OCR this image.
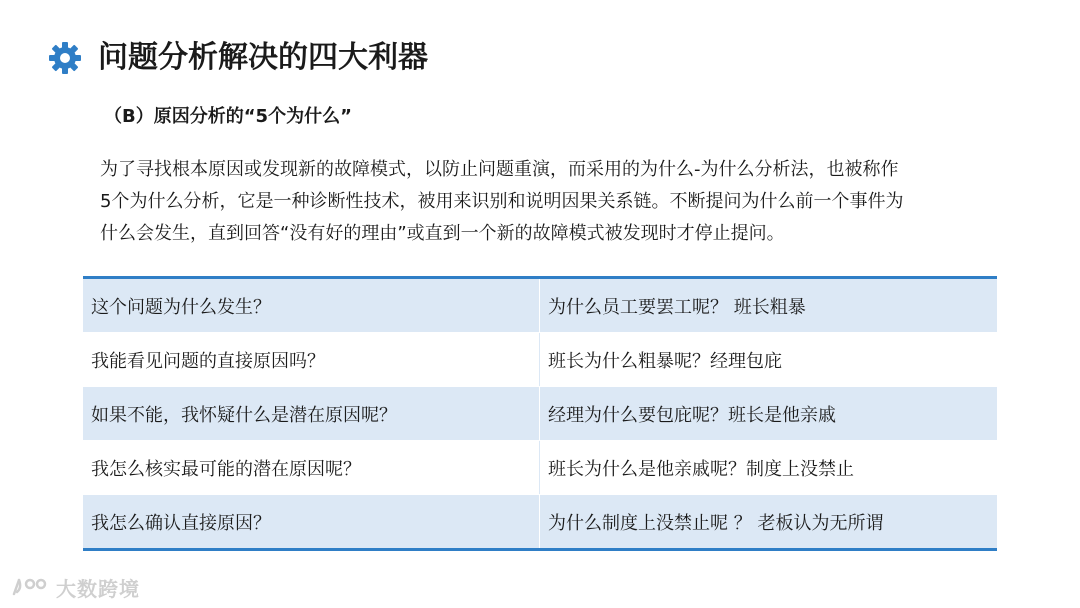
问题分析解决的四大利器
（B）原因分析的“5个为什么”

为了寻找根本原因或发现新的故障模式，以防止问题重演，而采用的为什么-为什么分析法，也被称作
5个为什么分析，它是一种诊断性技术，被用来识别和说明因果关系链。不断提问为什么前一个事件为
什么会发生，直到回答“没有好的理由”或直到一个新的故障模式被发现时才停止提问。

这个问题为什么发生？	为什么员工要罢工呢？ 班长粗暴
我能看见问题的直接原因吗？	班长为什么粗暴呢？经理包庇
如果不能，我怀疑什么是潜在原因呢？	经理为什么要包庇呢？班长是他亲戚
我怎么核实最可能的潜在原因呢？	班长为什么是他亲戚呢？制度上没禁止
我怎么确认直接原因？	为什么制度上没禁止呢 ？ 老板认为无所谓
大数跨境
